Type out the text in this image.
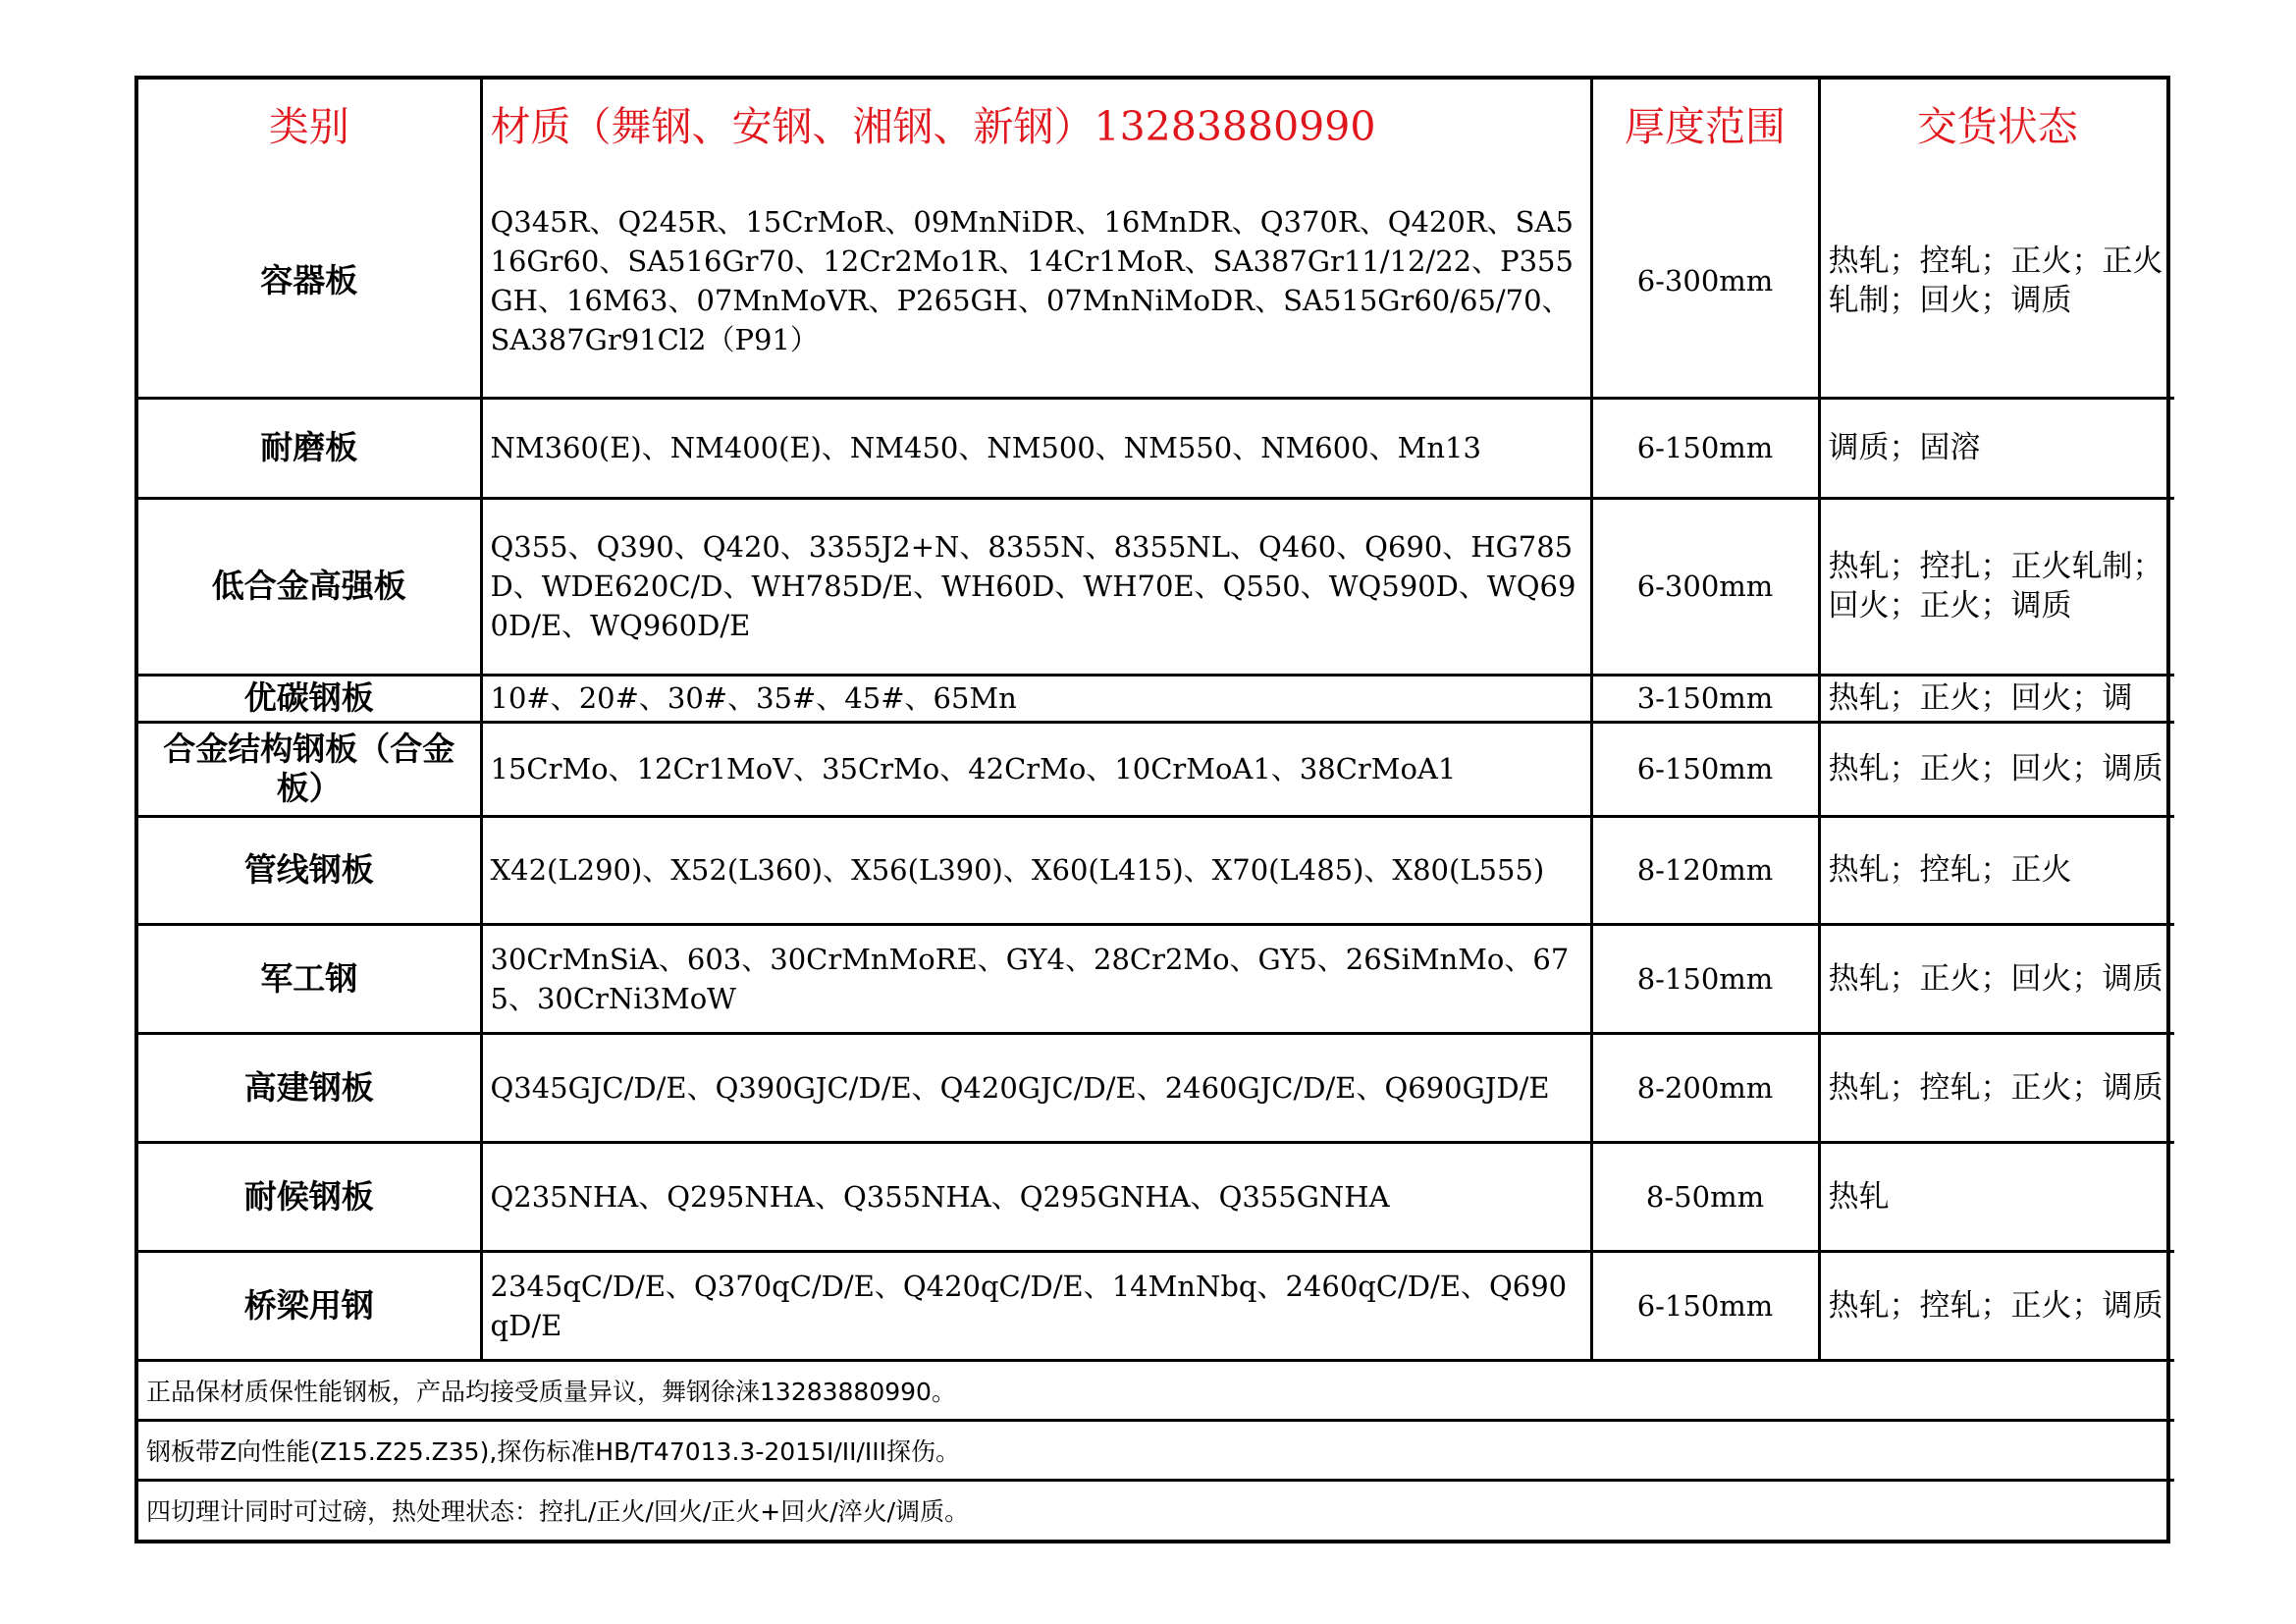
类别	材质（舞钢、安钢、湘钢、新钢）13283880990	厚度范围	交货状态
容器板	Q345R、Q245R、15CrMoR、09MnNiDR、16MnDR、Q370R、Q420R、SA516Gr60、SA516Gr70、12Cr2Mo1R、14Cr1MoR、SA387Gr11/12/22、P355GH、16M63、07MnMoVR、P265GH、07MnNiMoDR、SA515Gr60/65/70、SA387Gr91Cl2（P91）	6-300mm	热轧；控轧；正火；正火轧制；回火；调质
耐磨板	NM360(E)、NM400(E)、NM450、NM500、NM550、NM600、Mn13	6-150mm	调质；固溶
低合金高强板	Q355、Q390、Q420、3355J2+N、8355N、8355NL、Q460、Q690、HG785D、WDE620C/D、WH785D/E、WH60D、WH70E、Q550、WQ590D、WQ690D/E、WQ960D/E	6-300mm	热轧；控扎；正火轧制；回火；正火；调质
优碳钢板	10#、20#、30#、35#、45#、65Mn	3-150mm	热轧；正火；回火；调
合金结构钢板（合金板）	15CrMo、12Cr1MoV、35CrMo、42CrMo、10CrMoA1、38CrMoA1	6-150mm	热轧；正火；回火；调质
管线钢板	X42(L290)、X52(L360)、X56(L390)、X60(L415)、X70(L485)、X80(L555)	8-120mm	热轧；控轧；正火
军工钢	30CrMnSiA、603、30CrMnMoRE、GY4、28Cr2Mo、GY5、26SiMnMo、675、30CrNi3MoW	8-150mm	热轧；正火；回火；调质
高建钢板	Q345GJC/D/E、Q390GJC/D/E、Q420GJC/D/E、2460GJC/D/E、Q690GJD/E	8-200mm	热轧；控轧；正火；调质
耐候钢板	Q235NHA、Q295NHA、Q355NHA、Q295GNHA、Q355GNHA	8-50mm	热轧
桥梁用钢	2345qC/D/E、Q370qC/D/E、Q420qC/D/E、14MnNbq、2460qC/D/E、Q690qD/E	6-150mm	热轧；控轧；正火；调质
正品保材质保性能钢板，产品均接受质量异议，舞钢徐涞13283880990。			
钢板带Z向性能(Z15.Z25.Z35),探伤标准HB/T47013.3-2015I/II/III探伤。			
四切理计同时可过磅，热处理状态：控扎/正火/回火/正火+回火/淬火/调质。			
